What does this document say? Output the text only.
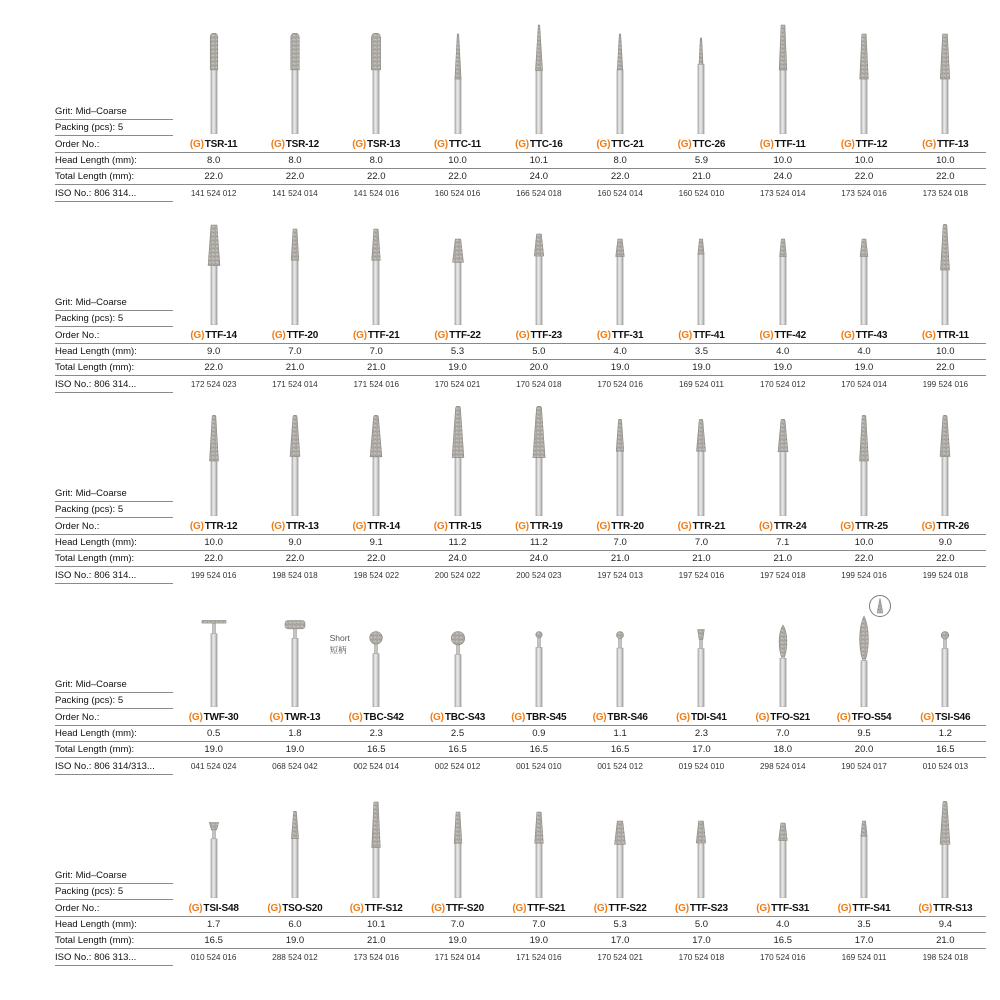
Grit: Mid–Coarse
Packing (pcs): 5
Order No.:
Head Length (mm):
Total Length (mm):
ISO No.: 806 314...
(G) TSR-11
8.0
22.0
141 524 012
(G) TSR-12
8.0
22.0
141 524 014
(G) TSR-13
8.0
22.0
141 524 016
(G) TTC-11
10.0
22.0
160 524 016
(G) TTC-16
10.1
24.0
166 524 018
(G) TTC-21
8.0
22.0
160 524 014
(G) TTC-26
5.9
21.0
160 524 010
(G) TTF-11
10.0
24.0
173 524 014
(G) TTF-12
10.0
22.0
173 524 016
(G) TTF-13
10.0
22.0
173 524 018
Grit: Mid–Coarse
Packing (pcs): 5
Order No.:
Head Length (mm):
Total Length (mm):
ISO No.: 806 314...
(G) TTF-14
9.0
22.0
172 524 023
(G) TTF-20
7.0
21.0
171 524 014
(G) TTF-21
7.0
21.0
171 524 016
(G) TTF-22
5.3
19.0
170 524 021
(G) TTF-23
5.0
20.0
170 524 018
(G) TTF-31
4.0
19.0
170 524 016
(G) TTF-41
3.5
19.0
169 524 011
(G) TTF-42
4.0
19.0
170 524 012
(G) TTF-43
4.0
19.0
170 524 014
(G) TTR-11
10.0
22.0
199 524 016
Grit: Mid–Coarse
Packing (pcs): 5
Order No.:
Head Length (mm):
Total Length (mm):
ISO No.: 806 314...
(G) TTR-12
10.0
22.0
199 524 016
(G) TTR-13
9.0
22.0
198 524 018
(G) TTR-14
9.1
22.0
198 524 022
(G) TTR-15
11.2
24.0
200 524 022
(G) TTR-19
11.2
24.0
200 524 023
(G) TTR-20
7.0
21.0
197 524 013
(G) TTR-21
7.0
21.0
197 524 016
(G) TTR-24
7.1
21.0
197 524 018
(G) TTR-25
10.0
22.0
199 524 016
(G) TTR-26
9.0
22.0
199 524 018
Grit: Mid–Coarse
Packing (pcs): 5
Order No.:
Head Length (mm):
Total Length (mm):
ISO No.: 806 314/313...
(G) TWF-30
0.5
19.0
041 524 024
(G) TWR-13
1.8
19.0
068 524 042
Short
短柄
(G) TBC-S42
2.3
16.5
002 524 014
(G) TBC-S43
2.5
16.5
002 524 012
(G) TBR-S45
0.9
16.5
001 524 010
(G) TBR-S46
1.1
16.5
001 524 012
(G) TDI-S41
2.3
17.0
019 524 010
(G) TFO-S21
7.0
18.0
298 524 014
(G) TFO-S54
9.5
20.0
190 524 017
(G) TSI-S46
1.2
16.5
010 524 013
Grit: Mid–Coarse
Packing (pcs): 5
Order No.:
Head Length (mm):
Total Length (mm):
ISO No.: 806 313...
(G) TSI-S48
1.7
16.5
010 524 016
(G) TSO-S20
6.0
19.0
288 524 012
(G) TTF-S12
10.1
21.0
173 524 016
(G) TTF-S20
7.0
19.0
171 524 014
(G) TTF-S21
7.0
19.0
171 524 016
(G) TTF-S22
5.3
17.0
170 524 021
(G) TTF-S23
5.0
17.0
170 524 018
(G) TTF-S31
4.0
16.5
170 524 016
(G) TTF-S41
3.5
17.0
169 524 011
(G) TTR-S13
9.4
21.0
198 524 018
